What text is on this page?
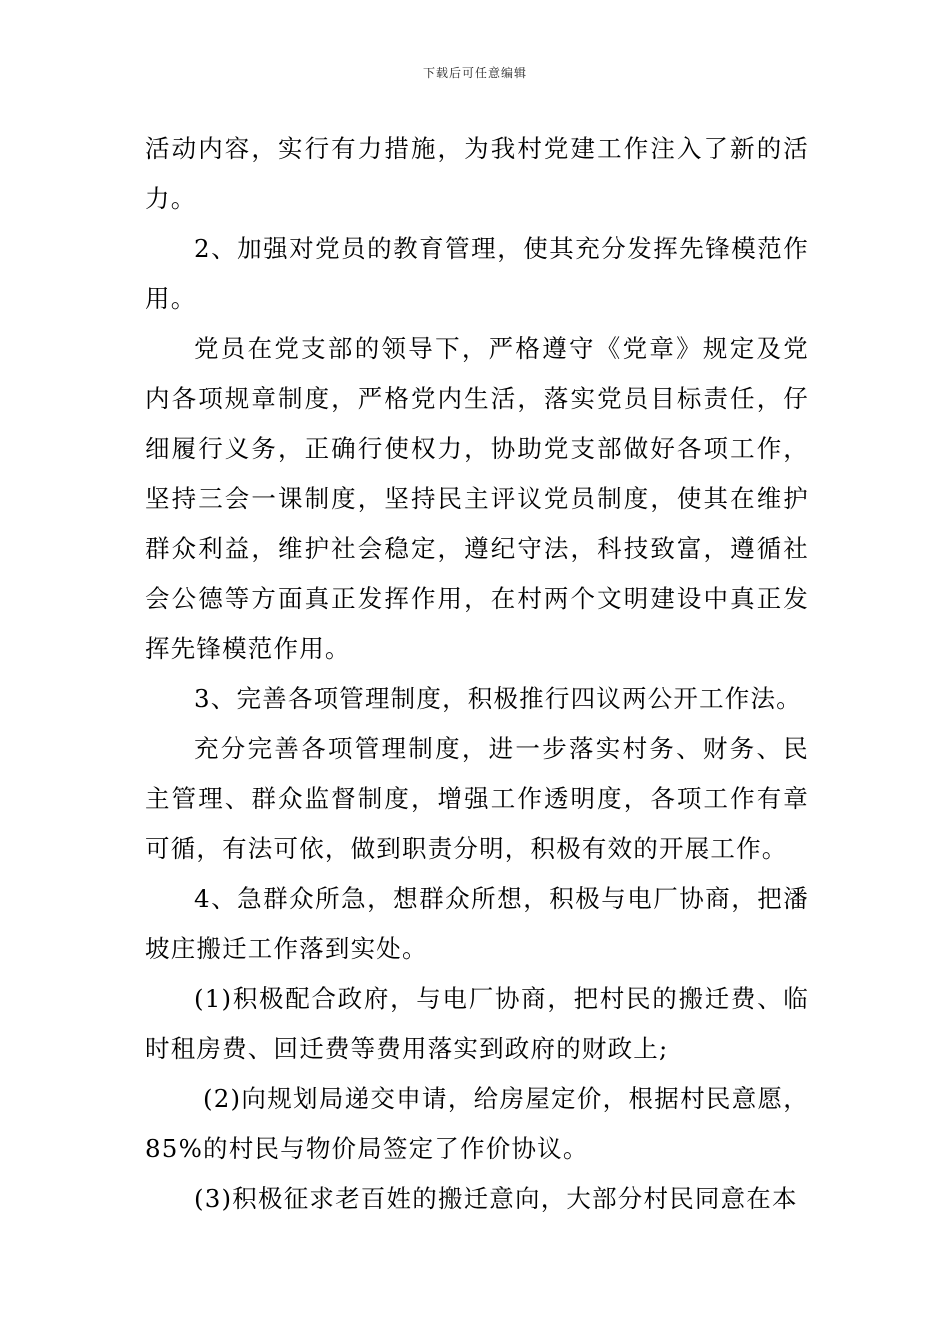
下载后可任意编辑

活动内容，实行有力措施，为我村党建工作注入了新的活力。

2、加强对党员的教育管理，使其充分发挥先锋模范作用。

党员在党支部的领导下，严格遵守《党章》规定及党内各项规章制度，严格党内生活，落实党员目标责任，仔细履行义务，正确行使权力，协助党支部做好各项工作，坚持三会一课制度，坚持民主评议党员制度，使其在维护群众利益，维护社会稳定，遵纪守法，科技致富，遵循社会公德等方面真正发挥作用，在村两个文明建设中真正发挥先锋模范作用。

3、完善各项管理制度，积极推行四议两公开工作法。

充分完善各项管理制度，进一步落实村务、财务、民主管理、群众监督制度，增强工作透明度，各项工作有章可循，有法可依，做到职责分明，积极有效的开展工作。

4、急群众所急，想群众所想，积极与电厂协商，把潘坡庄搬迁工作落到实处。

(1)积极配合政府，与电厂协商，把村民的搬迁费、临时租房费、回迁费等费用落实到政府的财政上;

(2)向规划局递交申请，给房屋定价，根据村民意愿，85%的村民与物价局签定了作价协议。

(3)积极征求老百姓的搬迁意向，大部分村民同意在本
